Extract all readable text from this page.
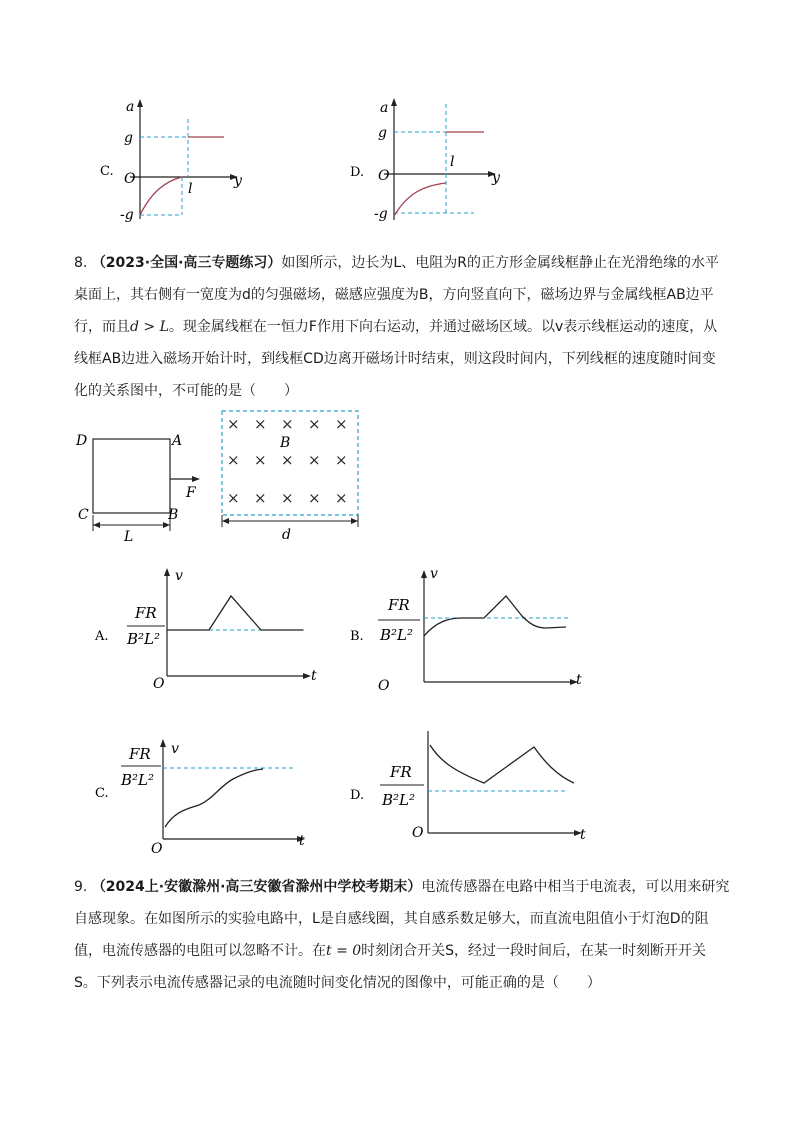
a
y
O
g
-g
l
C.
a
y
O
g
-g
l
D.
8. （2023·全国·高三专题练习）如图所示，边长为L、电阻为R的正方形金属线框静止在光滑绝缘的水平
桌面上，其右侧有一宽度为d的匀强磁场，磁感应强度为B，方向竖直向下，磁场边界与金属线框AB边平
行，而且d > L。现金属线框在一恒力F作用下向右运动，并通过磁场区域。以v表示线框运动的速度，从
线框AB边进入磁场开始计时，到线框CD边离开磁场计时结束，则这段时间内，下列线框的速度随时间变
化的关系图中，不可能的是（　　）
D	A
C	B
F
L
× × × × ×
× × × × ×
× × × × ×
B
d
v
t
O
FR
B²L²
A.
v
t
O
FR
B²L²
B.
v
t
O
FR
B²L²
C.
t
O
FR
B²L²
D.
9. （2024上·安徽滁州·高三安徽省滁州中学校考期末）电流传感器在电路中相当于电流表，可以用来研究
自感现象。在如图所示的实验电路中，L是自感线圈，其自感系数足够大，而直流电阻值小于灯泡D的阻
值，电流传感器的电阻可以忽略不计。在t = 0时刻闭合开关S，经过一段时间后，在某一时刻断开开关
S。下列表示电流传感器记录的电流随时间变化情况的图像中，可能正确的是（　　）
